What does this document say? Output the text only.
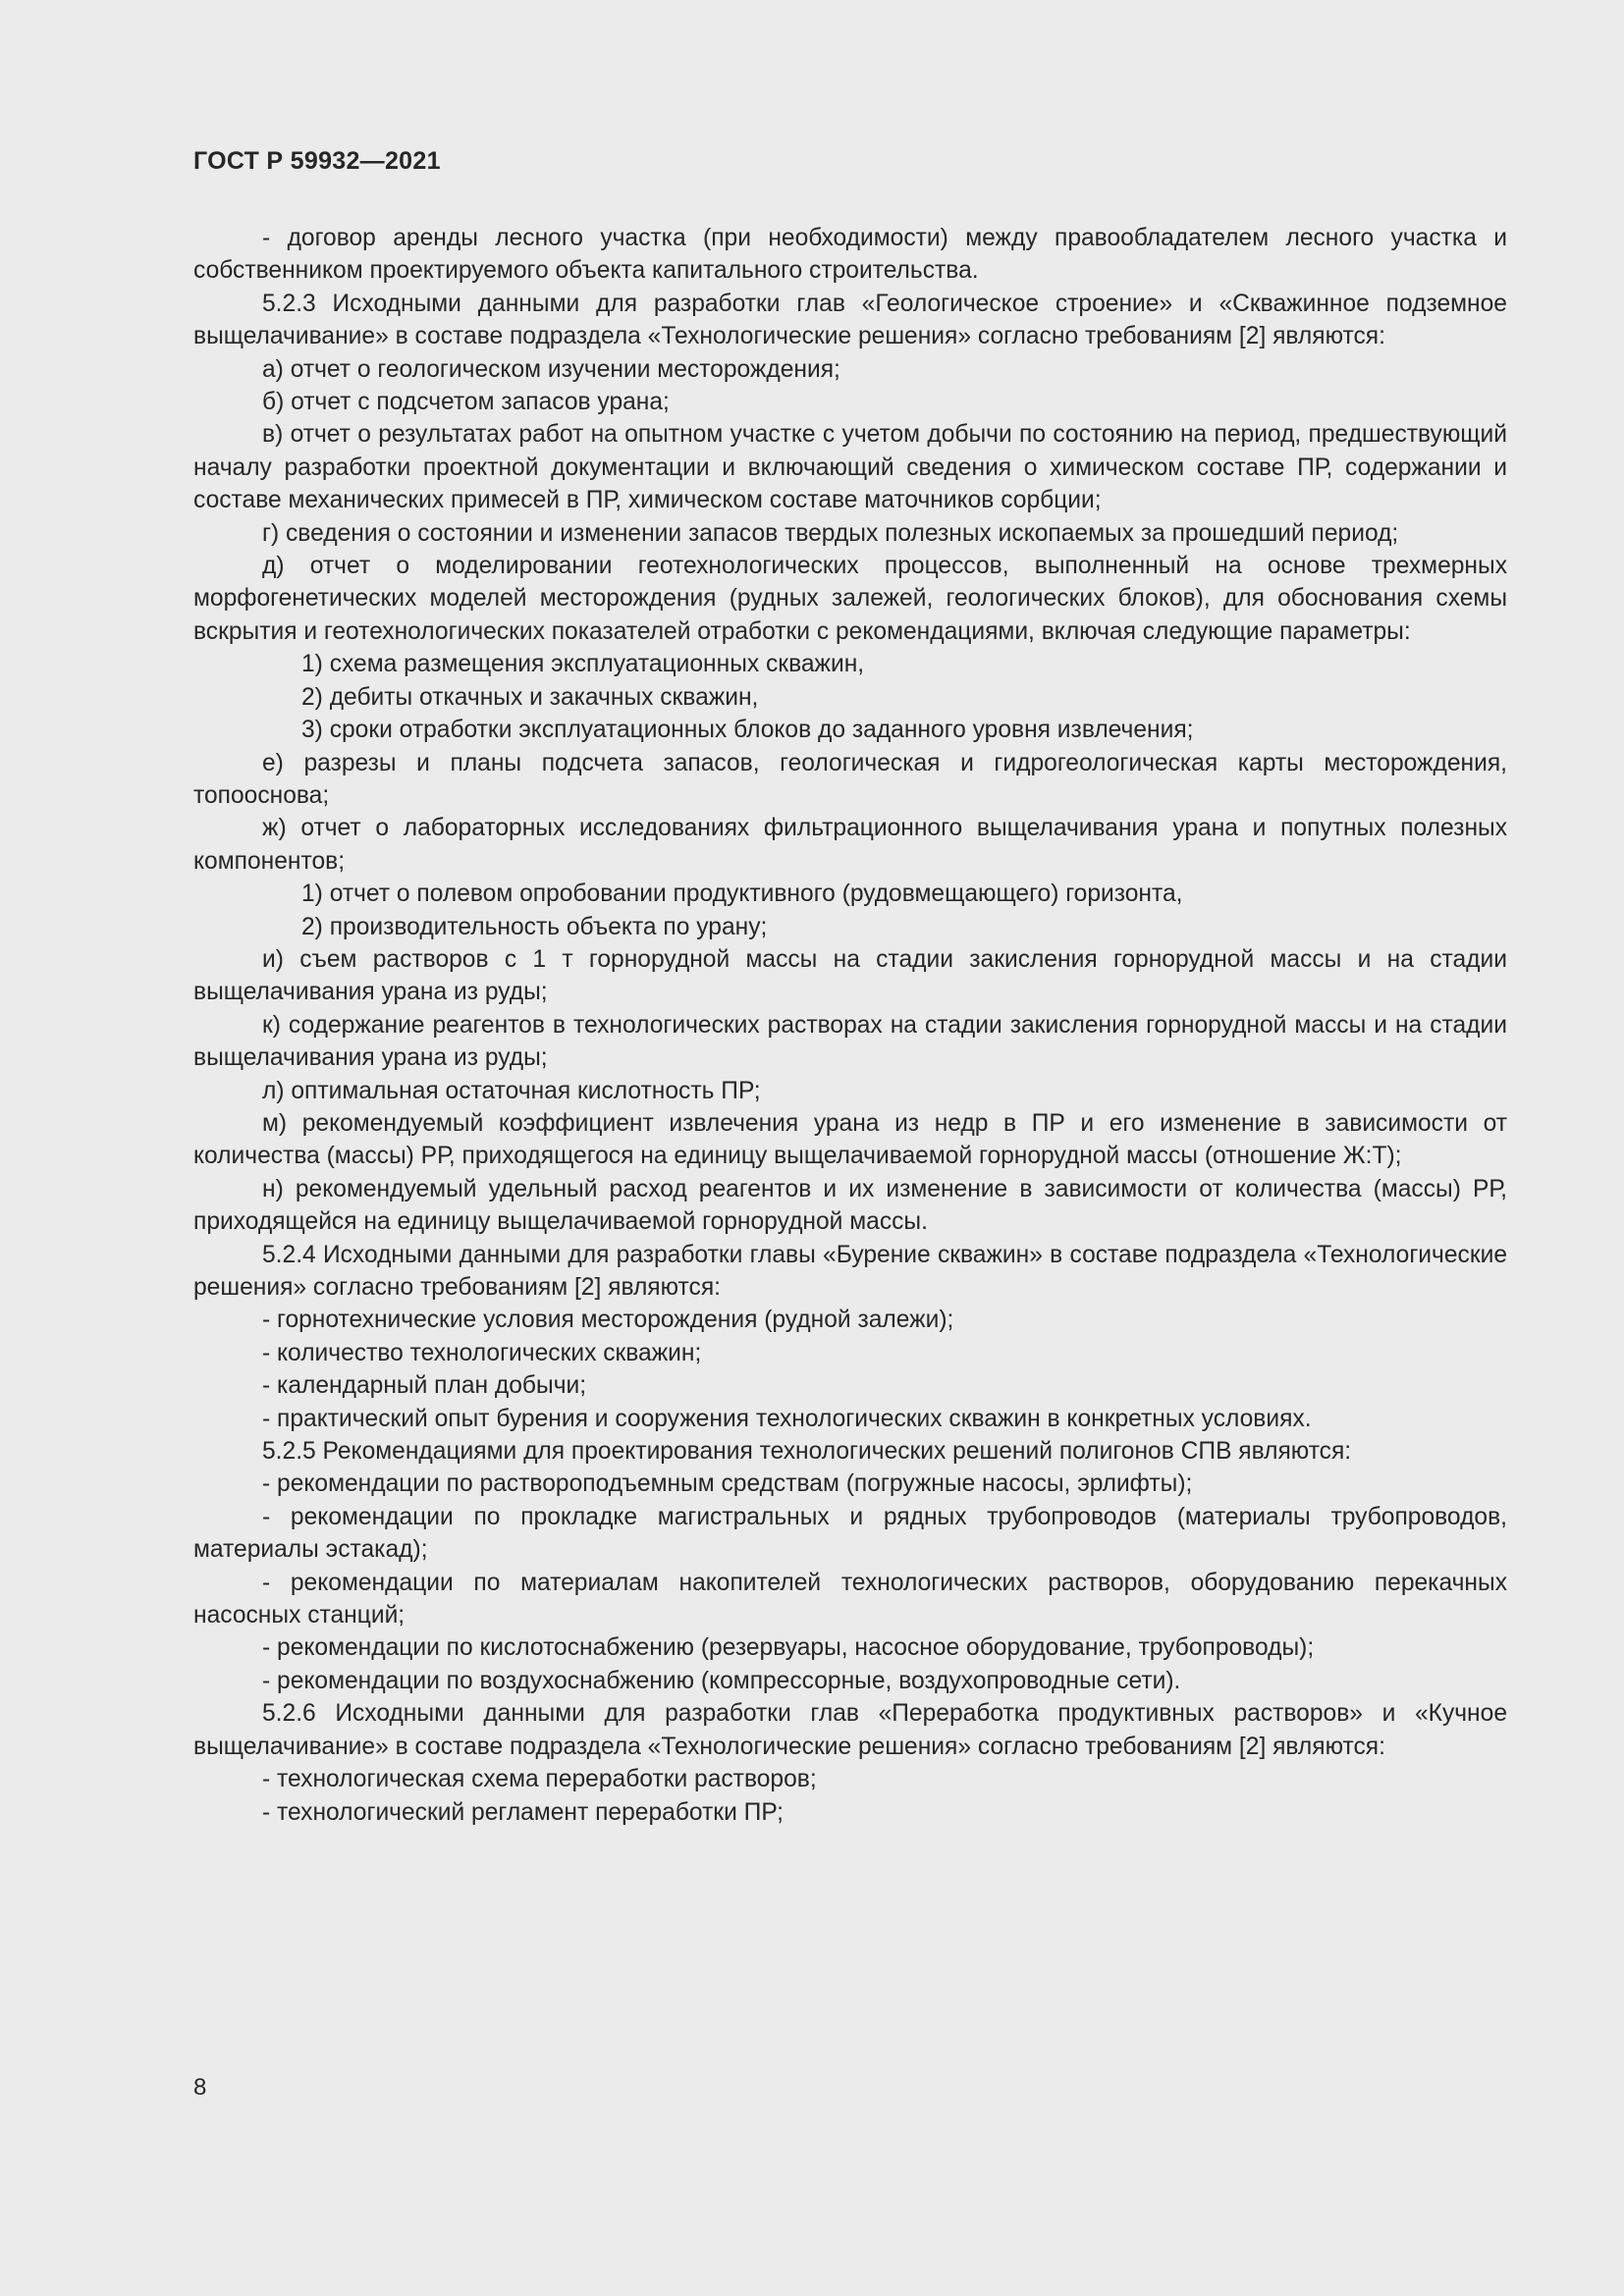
ГОСТ Р 59932—2021

- договор аренды лесного участка (при необходимости) между правообладателем лесного участка и собственником проектируемого объекта капитального строительства.

5.2.3 Исходными данными для разработки глав «Геологическое строение» и «Скважинное подземное выщелачивание» в составе подраздела «Технологические решения» согласно требованиям [2] являются:

а) отчет о геологическом изучении месторождения;

б) отчет с подсчетом запасов урана;

в) отчет о результатах работ на опытном участке с учетом добычи по состоянию на период, предшествующий началу разработки проектной документации и включающий сведения о химическом составе ПР, содержании и составе механических примесей в ПР, химическом составе маточников сорбции;

г) сведения о состоянии и изменении запасов твердых полезных ископаемых за прошедший период;

д) отчет о моделировании геотехнологических процессов, выполненный на основе трехмерных морфогенетических моделей месторождения (рудных залежей, геологических блоков), для обоснования схемы вскрытия и геотехнологических показателей отработки с рекомендациями, включая следующие параметры:

1) схема размещения эксплуатационных скважин,

2) дебиты откачных и закачных скважин,

3) сроки отработки эксплуатационных блоков до заданного уровня извлечения;

е) разрезы и планы подсчета запасов, геологическая и гидрогеологическая карты месторождения, топооснова;

ж) отчет о лабораторных исследованиях фильтрационного выщелачивания урана и попутных полезных компонентов;

1) отчет о полевом опробовании продуктивного (рудовмещающего) горизонта,

2) производительность объекта по урану;

и) съем растворов с 1 т горнорудной массы на стадии закисления горнорудной массы и на стадии выщелачивания урана из руды;

к) содержание реагентов в технологических растворах на стадии закисления горнорудной массы и на стадии выщелачивания урана из руды;

л) оптимальная остаточная кислотность ПР;

м) рекомендуемый коэффициент извлечения урана из недр в ПР и его изменение в зависимости от количества (массы) РР, приходящегося на единицу выщелачиваемой горнорудной массы (отношение Ж:Т);

н) рекомендуемый удельный расход реагентов и их изменение в зависимости от количества (массы) РР, приходящейся на единицу выщелачиваемой горнорудной массы.

5.2.4 Исходными данными для разработки главы «Бурение скважин» в составе подраздела «Технологические решения» согласно требованиям [2] являются:

- горнотехнические условия месторождения (рудной залежи);

- количество технологических скважин;

- календарный план добычи;

- практический опыт бурения и сооружения технологических скважин в конкретных условиях.

5.2.5 Рекомендациями для проектирования технологических решений полигонов СПВ являются:

- рекомендации по раствороподъемным средствам (погружные насосы, эрлифты);

- рекомендации по прокладке магистральных и рядных трубопроводов (материалы трубопроводов, материалы эстакад);

- рекомендации по материалам накопителей технологических растворов, оборудованию перекачных насосных станций;

- рекомендации по кислотоснабжению (резервуары, насосное оборудование, трубопроводы);

- рекомендации по воздухоснабжению (компрессорные, воздухопроводные сети).

5.2.6 Исходными данными для разработки глав «Переработка продуктивных растворов» и «Кучное выщелачивание» в составе подраздела «Технологические решения» согласно требованиям [2] являются:

- технологическая схема переработки растворов;

- технологический регламент переработки ПР;

8
